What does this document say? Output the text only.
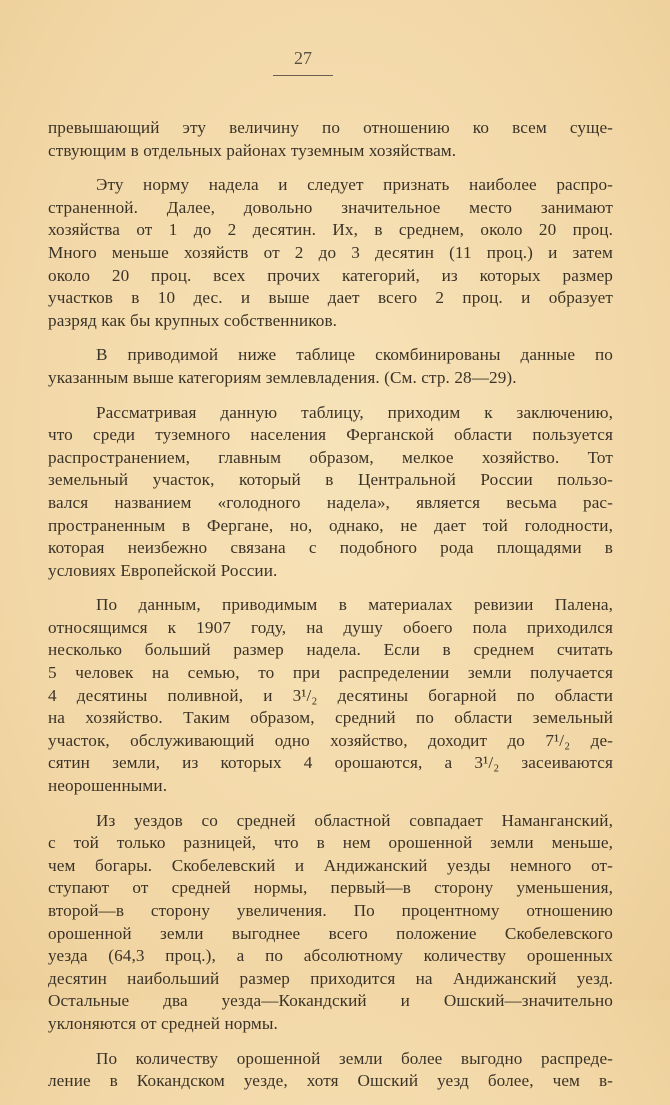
27
превышающий эту величину по отношению ко всем суще-
ствующим в отдельных районах туземным хозяйствам.
Эту норму надела и следует признать наиболее распро-
страненной. Далее, довольно значительное место занимают
хозяйства от 1 до 2 десятин. Их, в среднем, около 20 проц.
Много меньше хозяйств от 2 до 3 десятин (11 проц.) и затем
около 20 проц. всех прочих категорий, из которых размер
участков в 10 дес. и выше дает всего 2 проц. и образует
разряд как бы крупных собственников.
В приводимой ниже таблице скомбинированы данные по
указанным выше категориям землевладения. (См. стр. 28—29).
Рассматривая данную таблицу, приходим к заключению,
что среди туземного населения Ферганской области пользуется
распространением, главным образом, мелкое хозяйство. Тот
земельный участок, который в Центральной России пользо-
вался названием «голодного надела», является весьма рас-
пространенным в Фергане, но, однако, не дает той голодности,
которая неизбежно связана с подобного рода площадями в
условиях Европейской России.
По данным, приводимым в материалах ревизии Палена,
относящимся к 1907 году, на душу обоего пола приходился
несколько больший размер надела. Если в среднем считать
5 человек на семью, то при распределении земли получается
4 десятины поливной, и 3¹/₂ десятины богарной по области
на хозяйство. Таким образом, средний по области земельный
участок, обслуживающий одно хозяйство, доходит до 7¹/₂ де-
сятин земли, из которых 4 орошаются, а 3¹/₂ засеиваются
неорошенными.
Из уездов со средней областной совпадает Наманганский,
с той только разницей, что в нем орошенной земли меньше,
чем богары. Скобелевский и Андижанский уезды немного от-
ступают от средней нормы, первый—в сторону уменьшения,
второй—в сторону увеличения. По процентному отношению
орошенной земли выгоднее всего положение Скобелевского
уезда (64,3 проц.), а по абсолютному количеству орошенных
десятин наибольший размер приходится на Андижанский уезд.
Остальные два уезда—Кокандский и Ошский—значительно
уклоняются от средней нормы.
По количеству орошенной земли более выгодно распреде-
ление в Кокандском уезде, хотя Ошский уезд более, чем в-
